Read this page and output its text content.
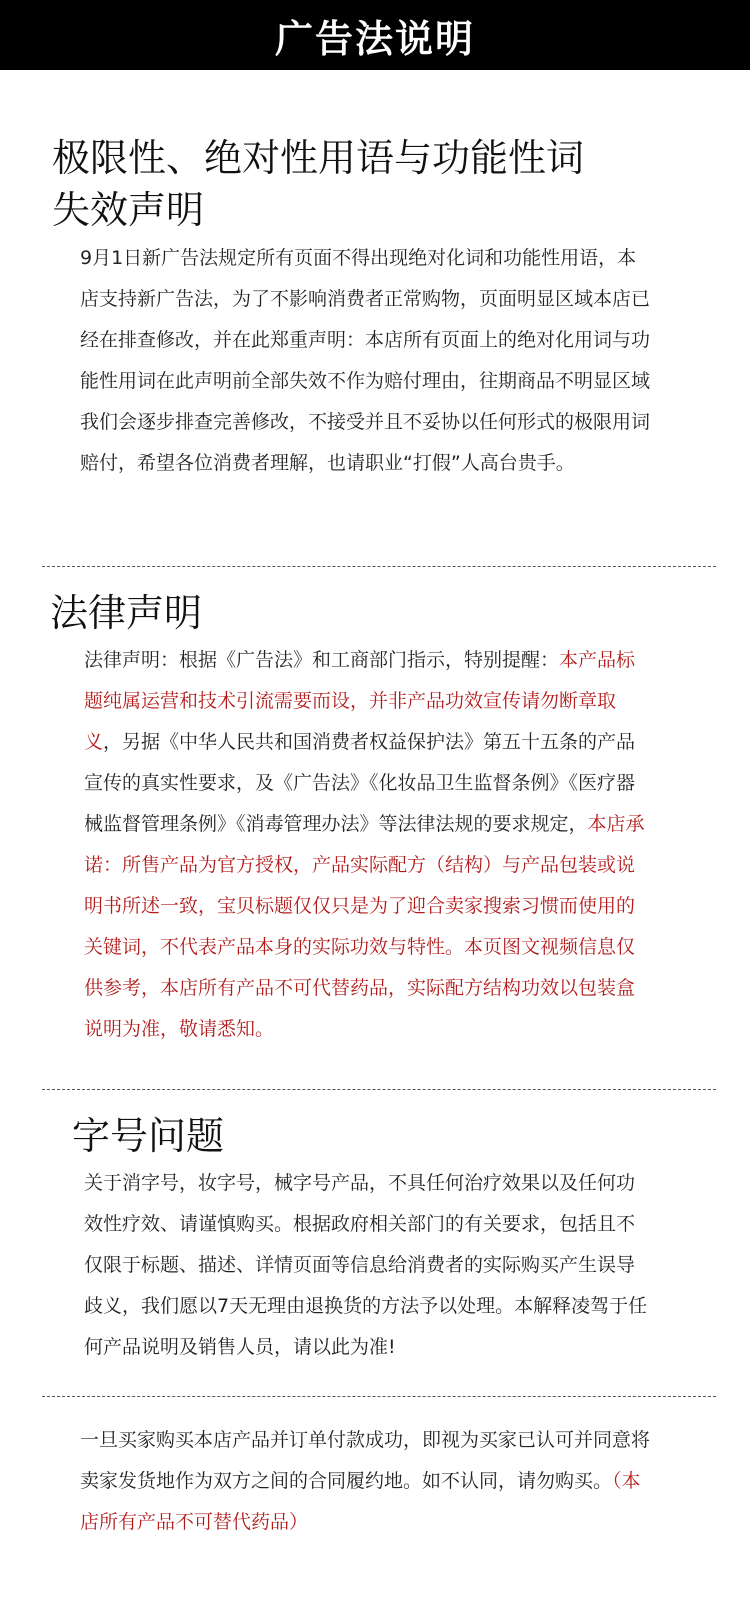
广告法说明
极限性、绝对性用语与功能性词
失效声明

9月1日新广告法规定所有页面不得出现绝对化词和功能性用语，本店支持新广告法，为了不影响消费者正常购物，页面明显区域本店已经在排查修改，并在此郑重声明：本店所有页面上的绝对化用词与功能性用词在此声明前全部失效不作为赔付理由，往期商品不明显区域我们会逐步排查完善修改，不接受并且不妥协以任何形式的极限用词赔付，希望各位消费者理解，也请职业“打假”人高台贵手。

法律声明

法律声明：根据《广告法》和工商部门指示，特别提醒：本产品标题纯属运营和技术引流需要而设，并非产品功效宣传请勿断章取义，另据《中华人民共和国消费者权益保护法》第五十五条的产品宣传的真实性要求，及《广告法》《化妆品卫生监督条例》《医疗器械监督管理条例》《消毒管理办法》等法律法规的要求规定，本店承诺：所售产品为官方授权，产品实际配方（结构）与产品包装或说明书所述一致，宝贝标题仅仅只是为了迎合卖家搜索习惯而使用的关键词，不代表产品本身的实际功效与特性。本页图文视频信息仅供参考，本店所有产品不可代替药品，实际配方结构功效以包装盒说明为准，敬请悉知。

字号问题

关于消字号，妆字号，械字号产品，不具任何治疗效果以及任何功效性疗效、请谨慎购买。根据政府相关部门的有关要求，包括且不仅限于标题、描述、详情页面等信息给消费者的实际购买产生误导歧义，我们愿以7天无理由退换货的方法予以处理。本解释凌驾于任何产品说明及销售人员，请以此为准!

一旦买家购买本店产品并订单付款成功，即视为买家已认可并同意将卖家发货地作为双方之间的合同履约地。如不认同，请勿购买。（本店所有产品不可替代药品）
